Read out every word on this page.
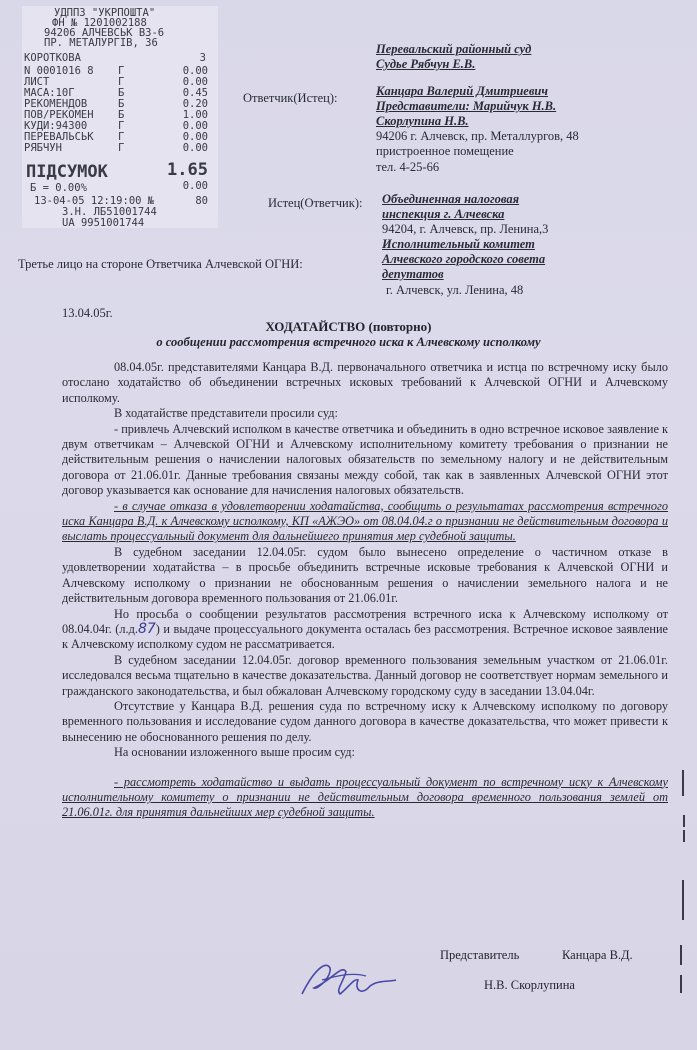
УДППЗ "УКРПОШТА"
ФН № 1201002188
94206 АЛЧЕВСЬК В3-6
ПР. МЕТАЛУРГІВ, 36
КОРОТКОВА	3
N 0001016 8 Г	0.00
ЛИСТ	Г	0.00
МАСА:10Г	Б	0.45
РЕКОМЕНДОВ	Б	0.20
ПОВ/РЕКОМЕН Б	1.00
КУДИ:94300	Г	0.00
ПЕРЕВАЛЬСЬК Г	0.00
РЯБЧУН	Г	0.00
ПІДСУМОК	1.65
Б = 0.00%	0.00
13-04-05 12:19:00 №	80
З.Н. ЛБ51001744
UA 9951001744
Перевальский районный суд
Судье Рябчун Е.В.
Ответчик(Истец):	Канцара Валерий Дмитриевич
Представители: Марийчук Н.В.
Скорлупина Н.В.
94206 г. Алчевск, пр. Металлургов, 48
пристроенное помещение
тел. 4-25-66
Истец(Ответчик): Объединенная налоговая
инспекция г. Алчевска
94204, г. Алчевск, пр. Ленина,3
Исполнительный комитет
Алчевского городского совета
депутатов
г. Алчевск, ул. Ленина, 48
Третье лицо на стороне Ответчика Алчевской ОГНИ:
13.04.05г.
ХОДАТАЙСТВО (повторно)
о сообщении рассмотрения встречного иска к Алчевскому исполкому

08.04.05г. представителями Канцара В.Д. первоначального ответчика и истца по встречному иску было отослано ходатайство об объединении встречных исковых требований к Алчевской ОГНИ и Алчевскому исполкому.

В ходатайстве представители просили суд:

- привлечь Алчевский исполком в качестве ответчика и объединить в одно встречное исковое заявление к двум ответчикам – Алчевской ОГНИ и Алчевскому исполнительному комитету требования о признании не действительным решения о начислении налоговых обязательств по земельному налогу и не действительным договора от 21.06.01г. Данные требования связаны между собой, так как в заявленных Алчевской ОГНИ этот договор указывается как основание для начисления налоговых обязательств.

- в случае отказа в удовлетворении ходатайства, сообщить о результатах рассмотрения встречного иска Канцара В.Д. к Алчевскому исполкому, КП «АЖЭО» от 08.04.04.г о признании не действительным договора и выслать процессуальный документ для дальнейшего принятия мер судебной защиты.

В судебном заседании 12.04.05г. судом было вынесено определение о частичном отказе в удовлетворении ходатайства – в просьбе объединить встречные исковые требования к Алчевской ОГНИ и Алчевскому исполкому о признании не обоснованным решения о начислении земельного налога и не действительным договора временного пользования от 21.06.01г.

Но просьба о сообщении результатов рассмотрения встречного иска к Алчевскому исполкому от 08.04.04г. (л.д.87) и выдаче процессуального документа осталась без рассмотрения. Встречное исковое заявление к Алчевскому исполкому судом не рассматривается.

В судебном заседании 12.04.05г. договор временного пользования земельным участком от 21.06.01г. исследовался весьма тщательно в качестве доказательства. Данный договор не соответствует нормам земельного и гражданского законодательства, и был обжалован Алчевскому городскому суду в заседании 13.04.04г.

Отсутствие у Канцара В.Д. решения суда по встречному иску к Алчевскому исполкому по договору временного пользования и исследование судом данного договора в качестве доказательства, что может привести к вынесению не обоснованного решения по делу.

На основании изложенного выше просим суд:

- рассмотреть ходатайство и выдать процессуальный документ по встречному иску к Алчевскому исполнительному комитету о признании не действительным договора временного пользования землей от 21.06.01г. для принятия дальнейших мер судебной защиты.

Представитель	Канцара В.Д.
Н.В. Скорлупина
